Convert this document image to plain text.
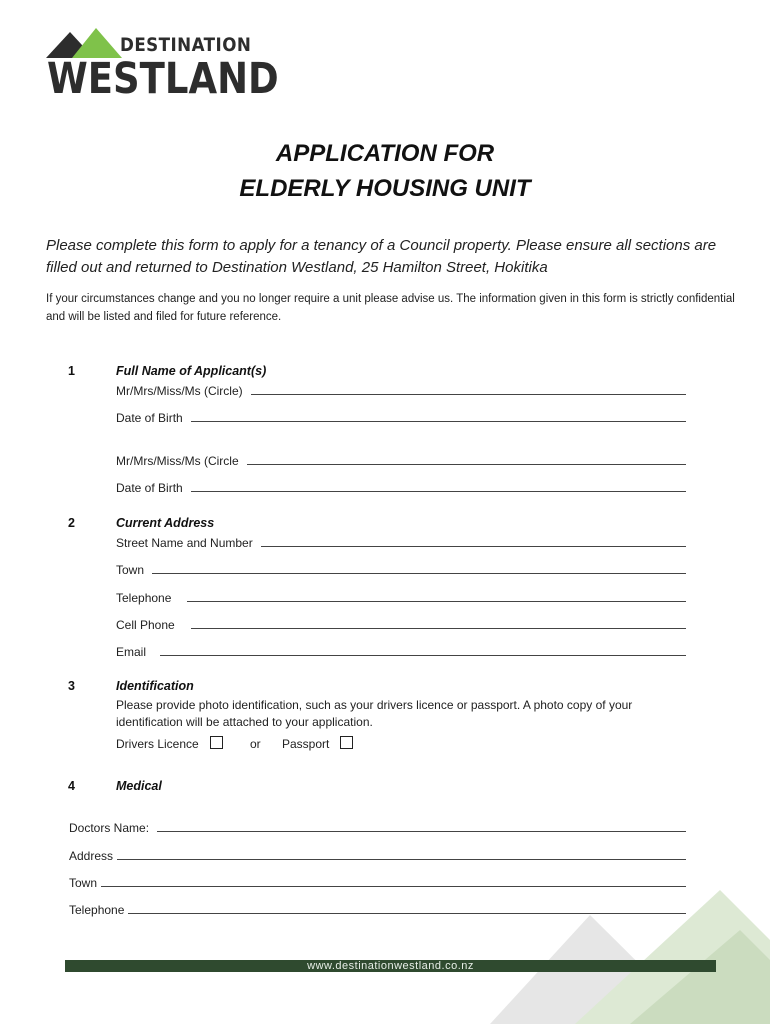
DESTINATION
WESTLAND
APPLICATION FOR
ELDERLY HOUSING UNIT
Please complete this form to apply for a tenancy of a Council property. Please ensure all sections are filled out and returned to Destination Westland, 25 Hamilton Street, Hokitika
If your circumstances change and you no longer require a unit please advise us. The information given in this form is strictly confidential and will be listed and filed for future reference.
1	Full Name of Applicant(s)
Mr/Mrs/Miss/Ms (Circle)
Date of Birth
Mr/Mrs/Miss/Ms (Circle
Date of Birth
2	Current Address
Street Name and Number
Town
Telephone
Cell Phone
Email
3	Identification
Please provide photo identification, such as your drivers licence or passport. A photo copy of your identification will be attached to your application.
Drivers Licence	or Passport
4	Medical
Doctors Name:
Address
Town
Telephone
www.destinationwestland.co.nz
